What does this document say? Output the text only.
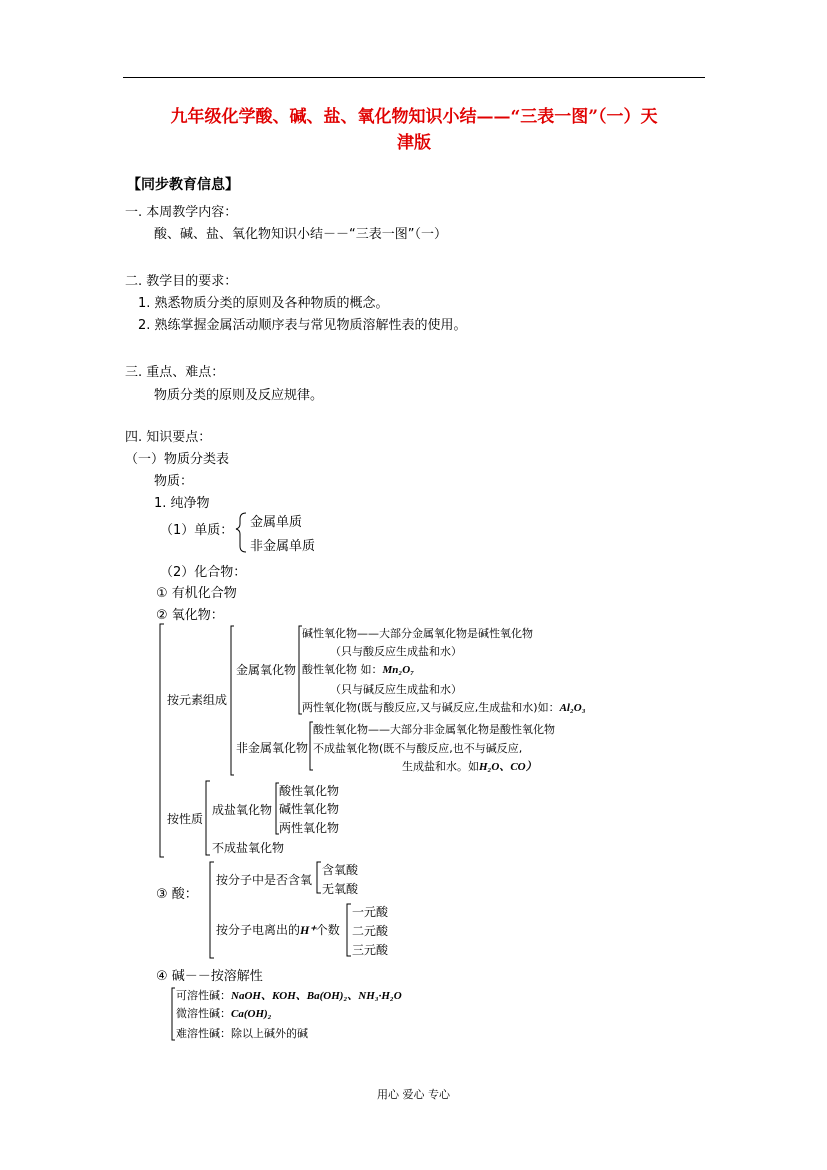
九年级化学酸、碱、盐、氧化物知识小结——“三表一图”（一）天
津版
【同步教育信息】
一. 本周教学内容：
酸、碱、盐、氧化物知识小结－－“三表一图”（一）
二. 教学目的要求：
1. 熟悉物质分类的原则及各种物质的概念。
2. 熟练掌握金属活动顺序表与常见物质溶解性表的使用。
三. 重点、难点：
物质分类的原则及反应规律。
四. 知识要点：
（一）物质分类表
物质：
1. 纯净物
（1）单质：
金属单质
非金属单质
（2）化合物：
① 有机化合物
② 氧化物：
按元素组成
金属氧化物
碱性氧化物——大部分金属氧化物是碱性氧化物
（只与酸反应生成盐和水）
酸性氧化物 如：Mn₂O₇
（只与碱反应生成盐和水）
两性氧化物(既与酸反应,又与碱反应,生成盐和水)如：Al₂O₃
非金属氧化物
酸性氧化物——大部分非金属氧化物是酸性氧化物
不成盐氧化物(既不与酸反应,也不与碱反应,
生成盐和水。如H₂O、CO）
按性质
成盐氧化物
酸性氧化物
碱性氧化物
两性氧化物
不成盐氧化物
③ 酸：
按分子中是否含氧
含氧酸
无氧酸
按分子电离出的H⁺个数
一元酸
二元酸
三元酸
④ 碱－－按溶解性
可溶性碱：NaOH、KOH、Ba(OH)₂、NH₃·H₂O
微溶性碱：Ca(OH)₂
难溶性碱：除以上碱外的碱
用心 爱心 专心
